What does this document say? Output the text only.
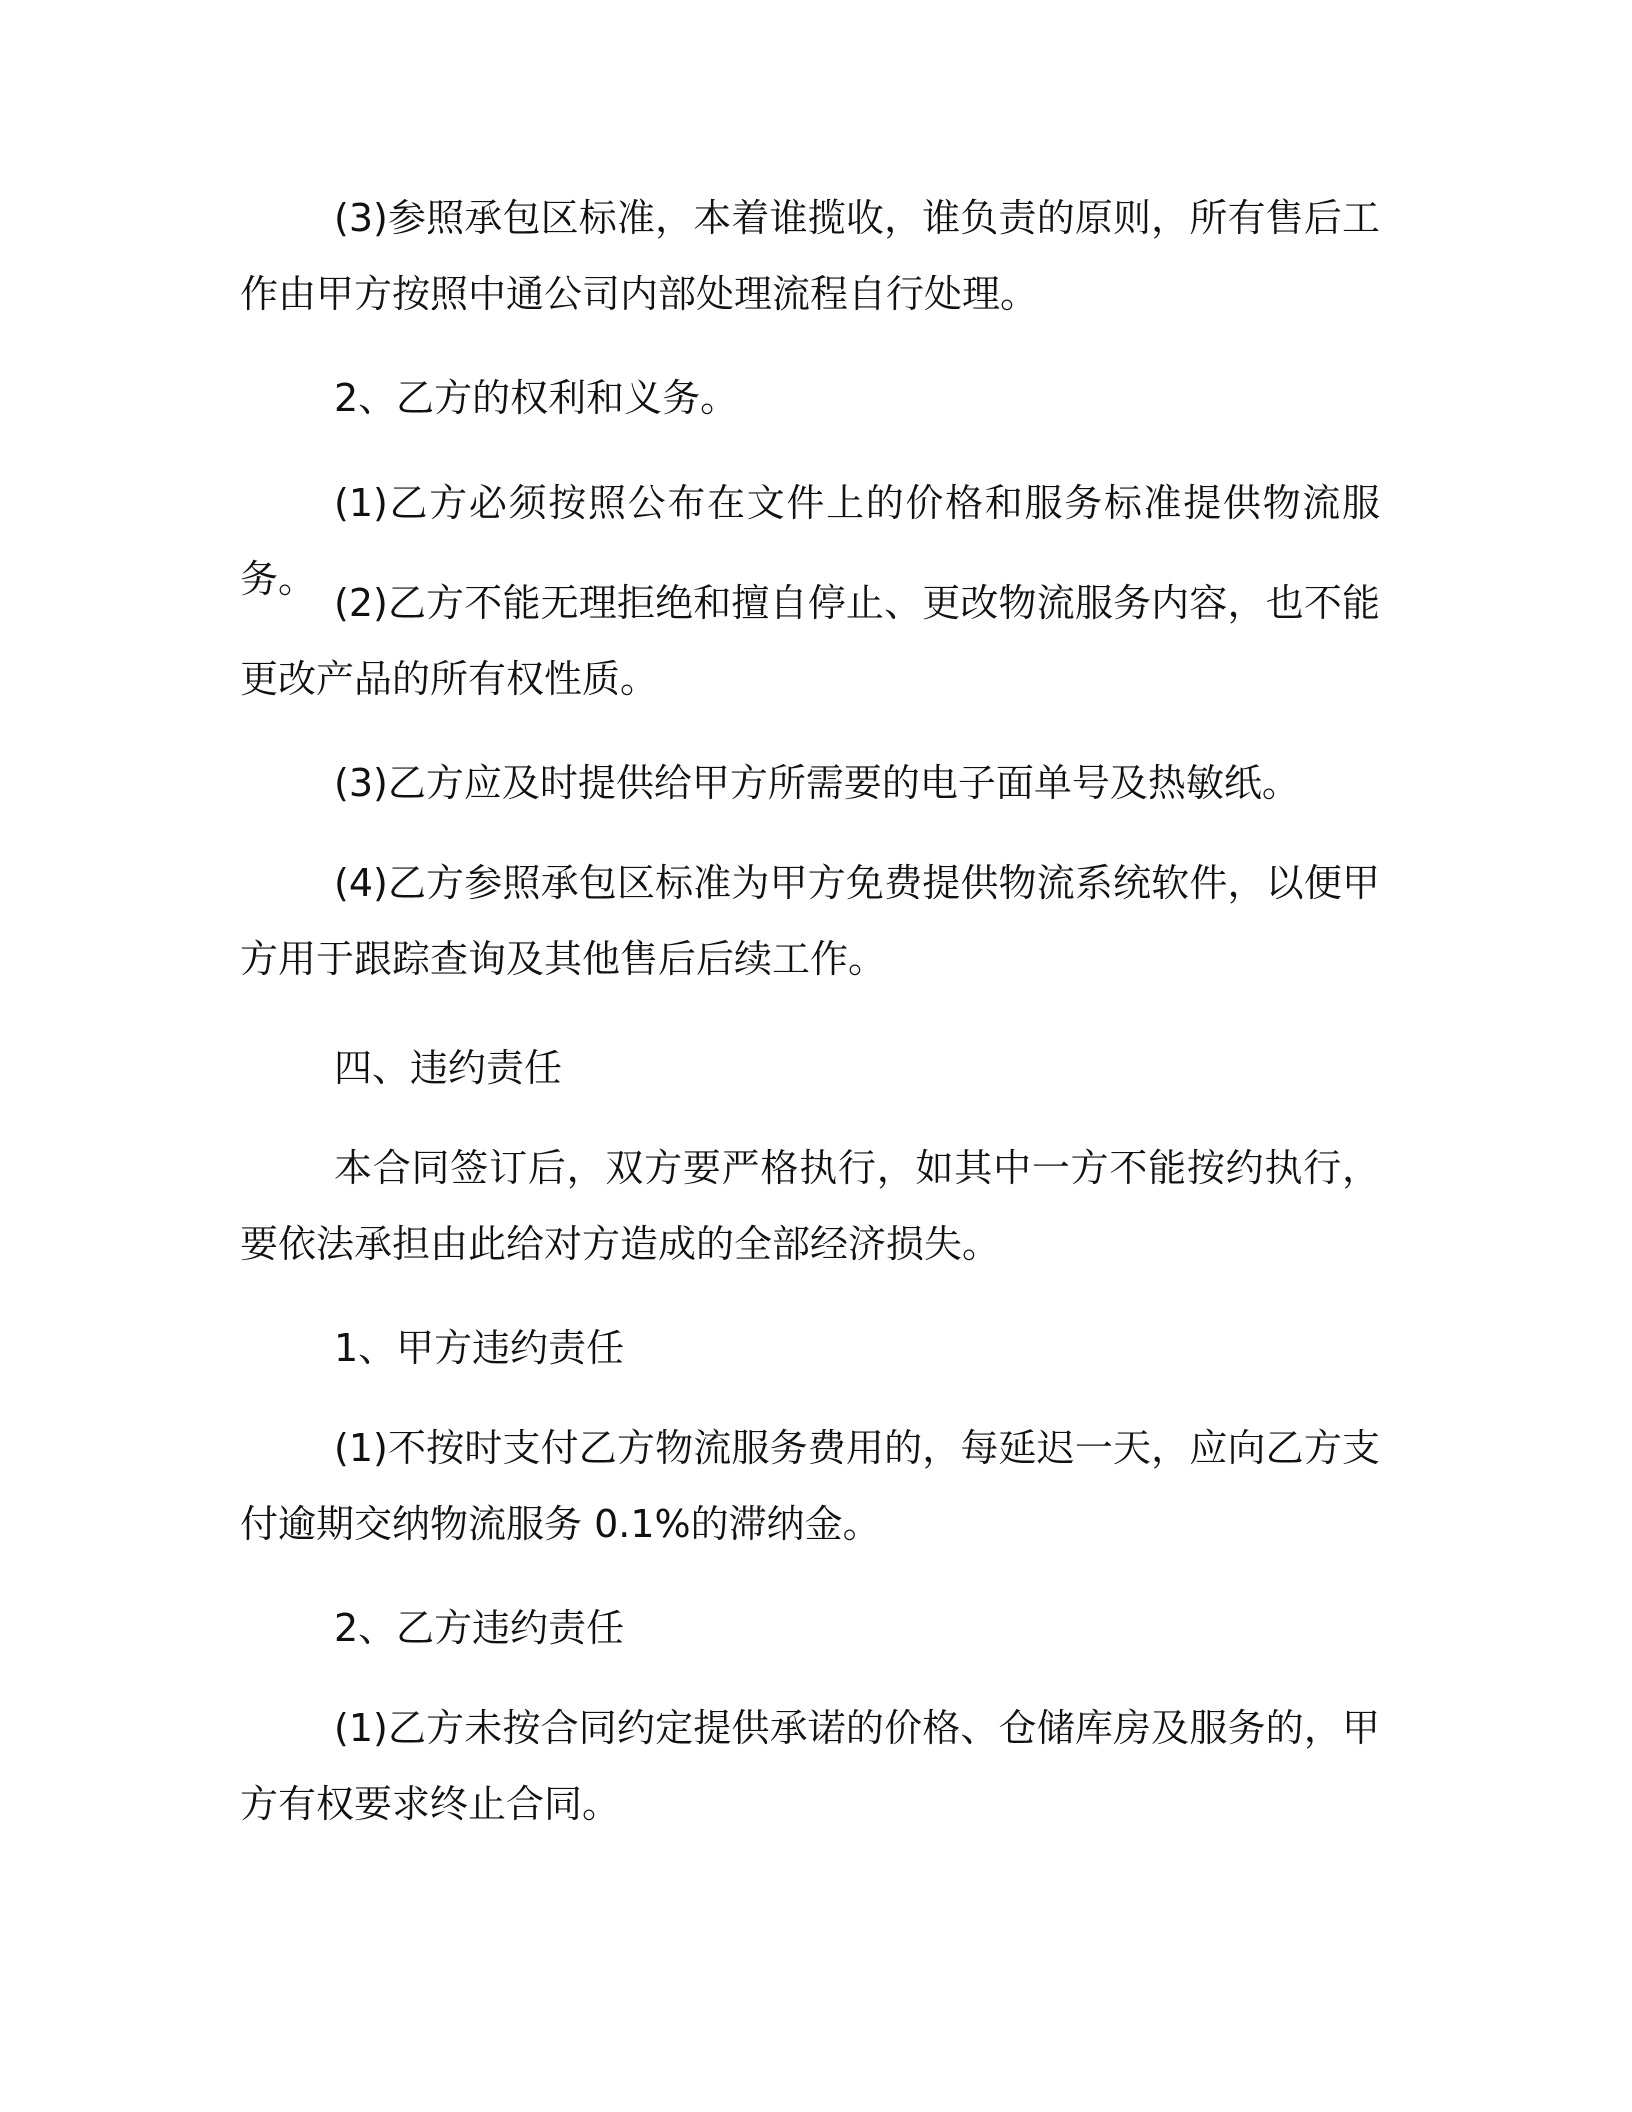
(3)参照承包区标准，本着谁揽收，谁负责的原则，所有售后工作由甲方按照中通公司内部处理流程自行处理。

2、乙方的权利和义务。

(1)乙方必须按照公布在文件上的价格和服务标准提供物流服务。

(2)乙方不能无理拒绝和擅自停止、更改物流服务内容，也不能更改产品的所有权性质。

(3)乙方应及时提供给甲方所需要的电子面单号及热敏纸。

(4)乙方参照承包区标准为甲方免费提供物流系统软件，以便甲方用于跟踪查询及其他售后后续工作。

四、违约责任

本合同签订后，双方要严格执行，如其中一方不能按约执行，要依法承担由此给对方造成的全部经济损失。

1、甲方违约责任

(1)不按时支付乙方物流服务费用的，每延迟一天，应向乙方支付逾期交纳物流服务 0.1%的滞纳金。

2、乙方违约责任

(1)乙方未按合同约定提供承诺的价格、仓储库房及服务的，甲方有权要求终止合同。
